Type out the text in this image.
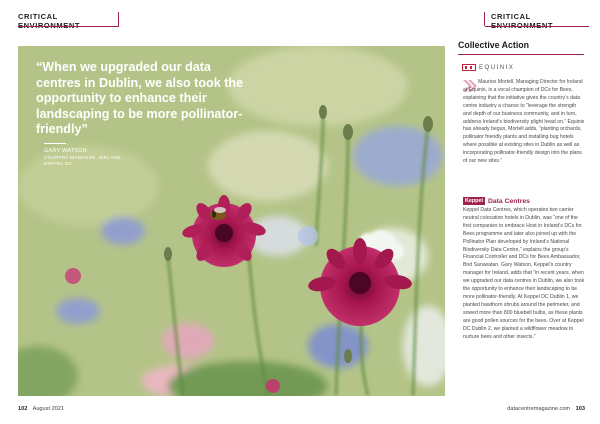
CRITICAL	CRITICAL
“When we upgraded our data centres in Dublin, we also took the opportunity to enhance their landscaping to be more pollinator-friendly”
GARY WATSON
COUNTRY MANAGER, IRELAND,
KEPPEL DC
Collective Action
EQUINIX

Maurice Mortell, Managing Director for Ireland at Equinix, is a vocal champion of DCs for Bees, explaining that the initiative gives the country’s data centre industry a chance to “leverage the strength and depth of our business community, and in turn, address Ireland’s biodiversity plight head on.” Equinix has already begun, Mortell adds, “planting orchards, pollinator friendly plants and installing bug hotels where possible at existing sites in Dublin as well as incorporating pollinator-friendly design into the plans of our new sites.”

Keppel Data Centres

Keppel Data Centres, which operates two carrier neutral colocation hotels in Dublin, was “one of the first companies to embrace Host in Ireland’s DCs for Bees programme and later also joined up with the Pollinator Plan developed by Ireland’s National Biodiversity Data Centre,” explains the group’s Financial Controller and DCs for Bees Ambassador, Bnd Saruwatan. Gary Watson, Keppel’s country manager for Ireland, adds that “in recent years, when we upgraded our data centres in Dublin, we also took the opportunity to enhance their landscaping to be more pollinator-friendly. At Keppel DC Dublin 1, we planted hawthorn shrubs around the perimeter, and sowed more than 800 bluebell bulbs, as these plants are good pollen sources for the bees. Over at Keppel DC Dublin 2, we planted a wildflower meadow to nurture bees and other insects.”

102 August 2021	datacentremagazine.com 103
